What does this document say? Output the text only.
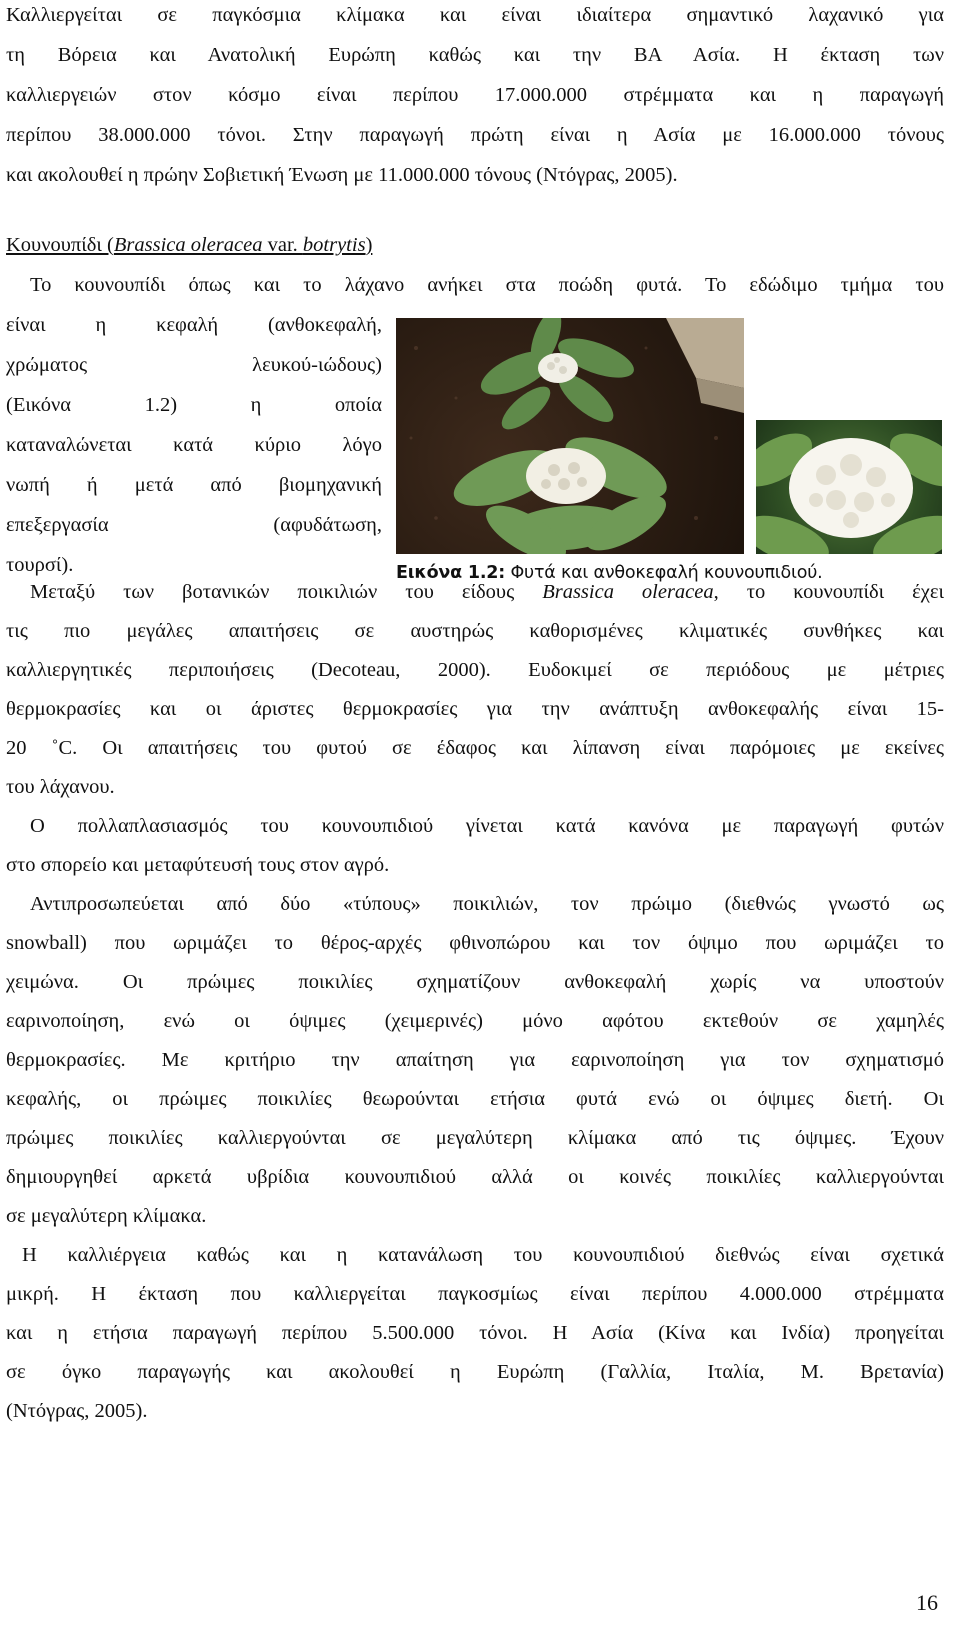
Καλλιεργείται σε παγκόσμια κλίμακα και είναι ιδιαίτερα σημαντικό λαχανικό για
τη Βόρεια και Ανατολική Ευρώπη καθώς και την ΒΑ Ασία. Η έκταση των
καλλιεργειών στον κόσμο είναι περίπου 17.000.000 στρέμματα και η παραγωγή
περίπου 38.000.000 τόνοι. Στην παραγωγή πρώτη είναι η Ασία με 16.000.000 τόνους
και ακολουθεί η πρώην Σοβιετική Ένωση με 11.000.000 τόνους (Ντόγρας, 2005).
Κουνουπίδι (Brassica oleracea var. botrytis)
Το κουνουπίδι όπως και το λάχανο ανήκει στα ποώδη φυτά. Το εδώδιμο τμήμα του
είναι η κεφαλή (ανθοκεφαλή,
χρώματος λευκού-ιώδους)
(Εικόνα 1.2) η οποία
καταναλώνεται κατά κύριο λόγο
νωπή ή μετά από βιομηχανική
επεξεργασία (αφυδάτωση,
τουρσί).	Εικόνα 1.2: Φυτά και ανθοκεφαλή κουνουπιδιού.
Μεταξύ των βοτανικών ποικιλιών του είδους Brassica oleracea, το κουνουπίδι έχει
τις πιο μεγάλες απαιτήσεις σε αυστηρώς καθορισμένες κλιματικές συνθήκες και
καλλιεργητικές περιποιήσεις (Decoteau, 2000). Ευδοκιμεί σε περιόδους με μέτριες
θερμοκρασίες και οι άριστες θερμοκρασίες για την ανάπτυξη ανθοκεφαλής είναι 15-
20 ˚C. Οι απαιτήσεις του φυτού σε έδαφος και λίπανση είναι παρόμοιες με εκείνες
του λάχανου.
Ο πολλαπλασιασμός του κουνουπιδιού γίνεται κατά κανόνα με παραγωγή φυτών
στο σπορείο και μεταφύτευσή τους στον αγρό.
Αντιπροσωπεύεται από δύο «τύπους» ποικιλιών, τον πρώιμο (διεθνώς γνωστό ως
snowball) που ωριμάζει το θέρος-αρχές φθινοπώρου και τον όψιμο που ωριμάζει το
χειμώνα. Οι πρώιμες ποικιλίες σχηματίζουν ανθοκεφαλή χωρίς να υποστούν
εαρινοποίηση, ενώ οι όψιμες (χειμερινές) μόνο αφότου εκτεθούν σε χαμηλές
θερμοκρασίες. Με κριτήριο την απαίτηση για εαρινοποίηση για τον σχηματισμό
κεφαλής, οι πρώιμες ποικιλίες θεωρούνται ετήσια φυτά ενώ οι όψιμες διετή. Οι
πρώιμες ποικιλίες καλλιεργούνται σε μεγαλύτερη κλίμακα από τις όψιμες. Έχουν
δημιουργηθεί αρκετά υβρίδια κουνουπιδιού αλλά οι κοινές ποικιλίες καλλιεργούνται
σε μεγαλύτερη κλίμακα.
Η καλλιέργεια καθώς και η κατανάλωση του κουνουπιδιού διεθνώς είναι σχετικά
μικρή. Η έκταση που καλλιεργείται παγκοσμίως είναι περίπου 4.000.000 στρέμματα
και η ετήσια παραγωγή περίπου 5.500.000 τόνοι. Η Ασία (Κίνα και Ινδία) προηγείται
σε όγκο παραγωγής και ακολουθεί η Ευρώπη (Γαλλία, Ιταλία, Μ. Βρετανία)
(Ντόγρας, 2005).
16
